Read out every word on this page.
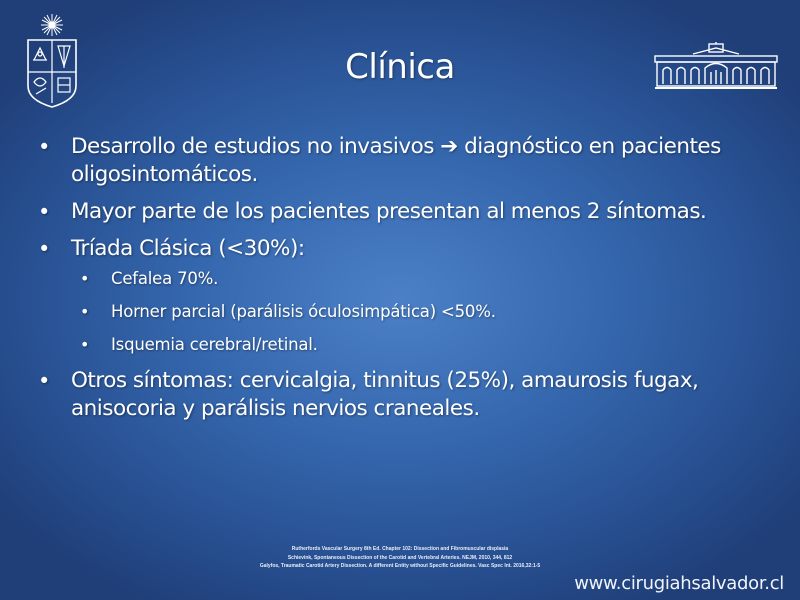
Clínica
• Desarrollo de estudios no invasivos ➔ diagnóstico en pacientes oligosintomáticos.
• Mayor parte de los pacientes presentan al menos 2 síntomas.
• Tríada Clásica (<30%):
• Cefalea 70%.
• Horner parcial (parálisis óculosimpática) <50%.
• Isquemia cerebral/retinal.
• Otros síntomas: cervicalgia, tinnitus (25%), amaurosis fugax, anisocoria y parálisis nervios craneales.
Rutherfords Vascular Surgery 8th Ed. Chapter 102: Dissection and Fibromuscular displasia
Schievink, Spontaneous Dissection of the Carotid and Vertebral Arteries. NEJM, 2010, 344, 812
Galyfos, Traumatic Carotid Artery Dissection. A different Entity without Specific Guidelines. Vasc Spec Int. 2016,32:1-5
www.cirugiahsalvador.cl
